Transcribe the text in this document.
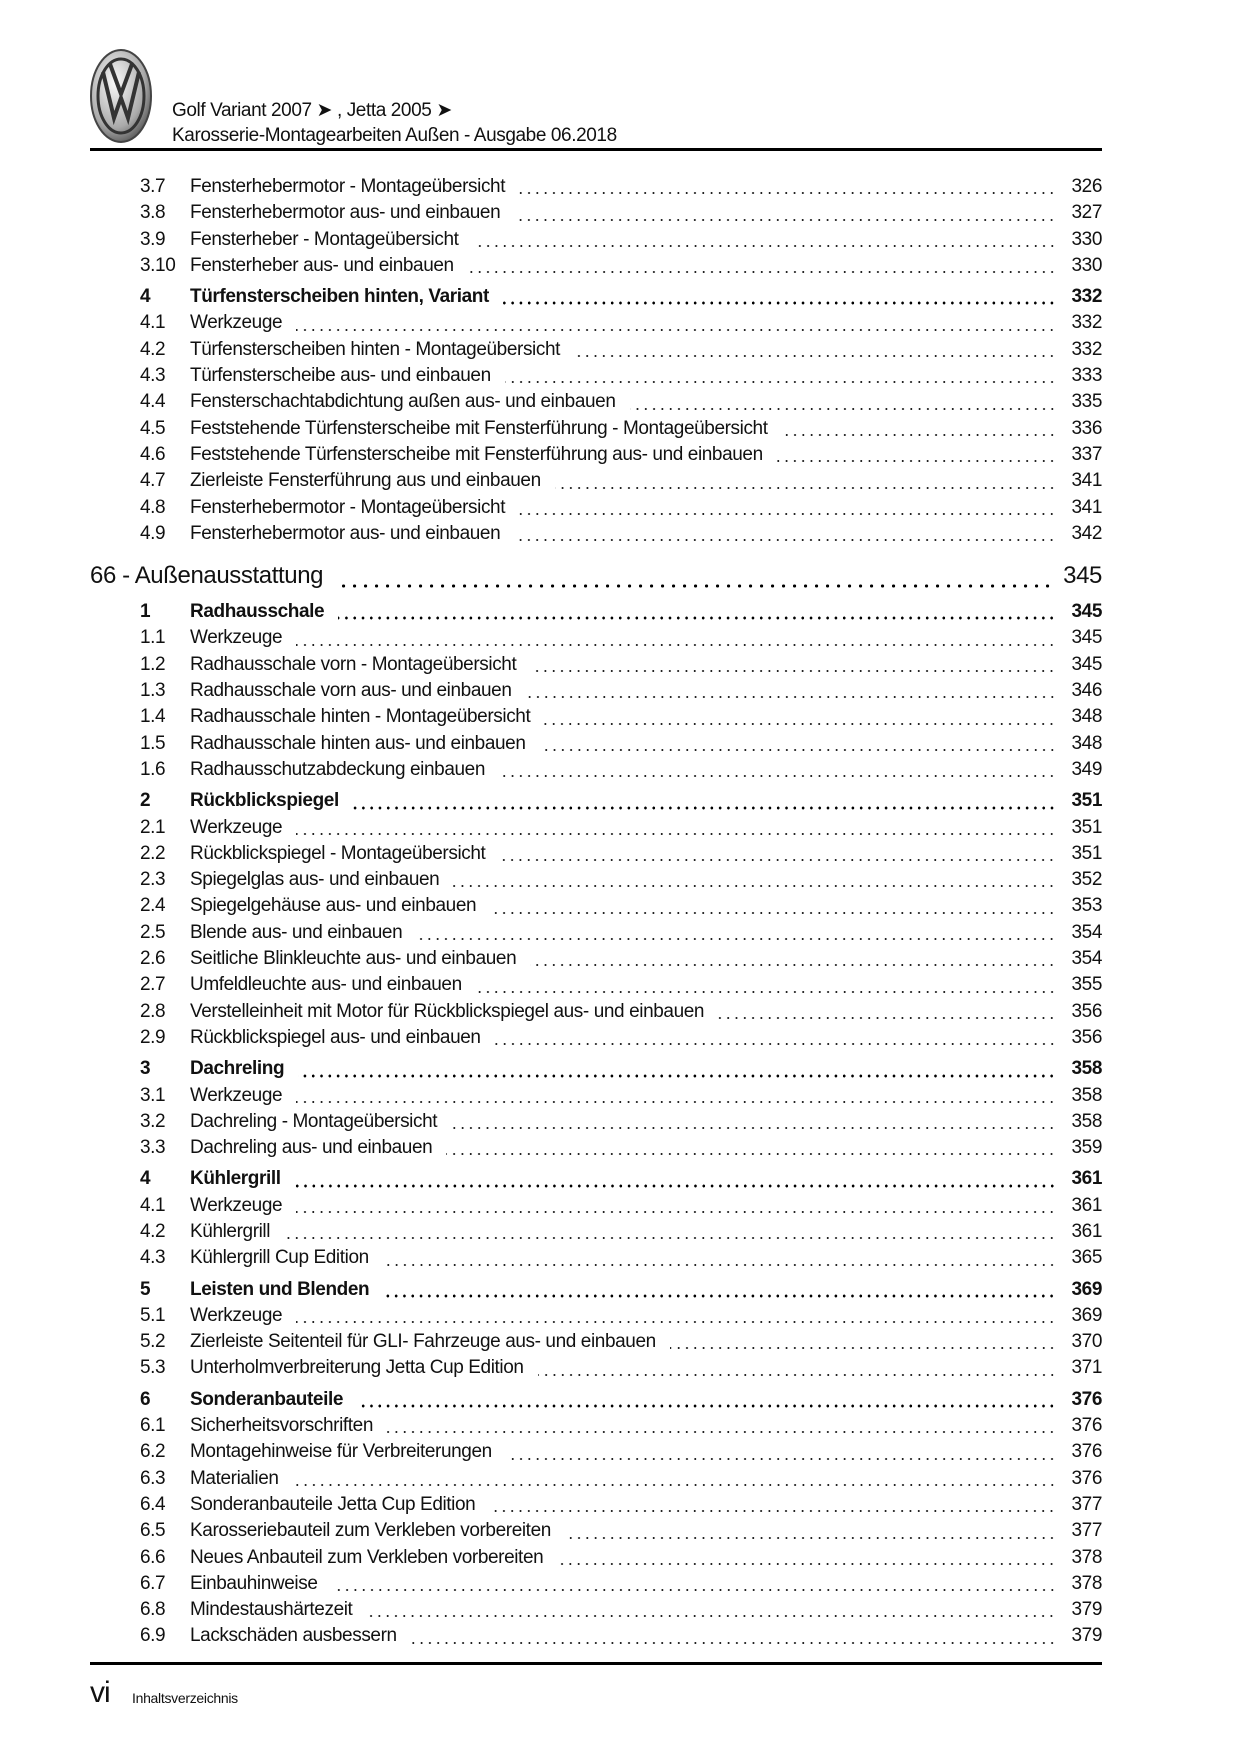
Golf Variant 2007 ➤ , Jetta 2005 ➤
Karosserie-Montagearbeiten Außen - Ausgabe 06.2018
3.7	Fensterhebermotor - Montageübersicht	326
3.8	Fensterhebermotor aus- und einbauen	327
3.9	Fensterheber - Montageübersicht	330
3.10 Fensterheber aus- und einbauen	330
4	Türfensterscheiben hinten, Variant	332
4.1	Werkzeuge	332
4.2	Türfensterscheiben hinten - Montageübersicht	332
4.3	Türfensterscheibe aus- und einbauen	333
4.4	Fensterschachtabdichtung außen aus- und einbauen	335
4.5	Feststehende Türfensterscheibe mit Fensterführung - Montageübersicht	336
4.6	Feststehende Türfensterscheibe mit Fensterführung aus- und einbauen	337
4.7	Zierleiste Fensterführung aus und einbauen	341
4.8	Fensterhebermotor - Montageübersicht	341
4.9	Fensterhebermotor aus- und einbauen	342
66 - Außenausstattung	345
1	Radhausschale	345
1.1	Werkzeuge	345
1.2	Radhausschale vorn - Montageübersicht	345
1.3	Radhausschale vorn aus- und einbauen	346
1.4	Radhausschale hinten - Montageübersicht	348
1.5	Radhausschale hinten aus- und einbauen	348
1.6	Radhausschutzabdeckung einbauen	349
2	Rückblickspiegel	351
2.1	Werkzeuge	351
2.2	Rückblickspiegel - Montageübersicht	351
2.3	Spiegelglas aus- und einbauen	352
2.4	Spiegelgehäuse aus- und einbauen	353
2.5	Blende aus- und einbauen	354
2.6	Seitliche Blinkleuchte aus- und einbauen	354
2.7	Umfeldleuchte aus- und einbauen	355
2.8	Verstelleinheit mit Motor für Rückblickspiegel aus- und einbauen	356
2.9	Rückblickspiegel aus- und einbauen	356
3	Dachreling	358
3.1	Werkzeuge	358
3.2	Dachreling - Montageübersicht	358
3.3	Dachreling aus- und einbauen	359
4	Kühlergrill	361
4.1	Werkzeuge	361
4.2	Kühlergrill	361
4.3	Kühlergrill Cup Edition	365
5	Leisten und Blenden	369
5.1	Werkzeuge	369
5.2	Zierleiste Seitenteil für GLI- Fahrzeuge aus- und einbauen	370
5.3	Unterholmverbreiterung Jetta Cup Edition	371
6	Sonderanbauteile	376
6.1	Sicherheitsvorschriften	376
6.2	Montagehinweise für Verbreiterungen	376
6.3	Materialien	376
6.4	Sonderanbauteile Jetta Cup Edition	377
6.5	Karosseriebauteil zum Verkleben vorbereiten	377
6.6	Neues Anbauteil zum Verkleben vorbereiten	378
6.7	Einbauhinweise	378
6.8	Mindestaushärtezeit	379
6.9	Lackschäden ausbessern	379
vi Inhaltsverzeichnis
